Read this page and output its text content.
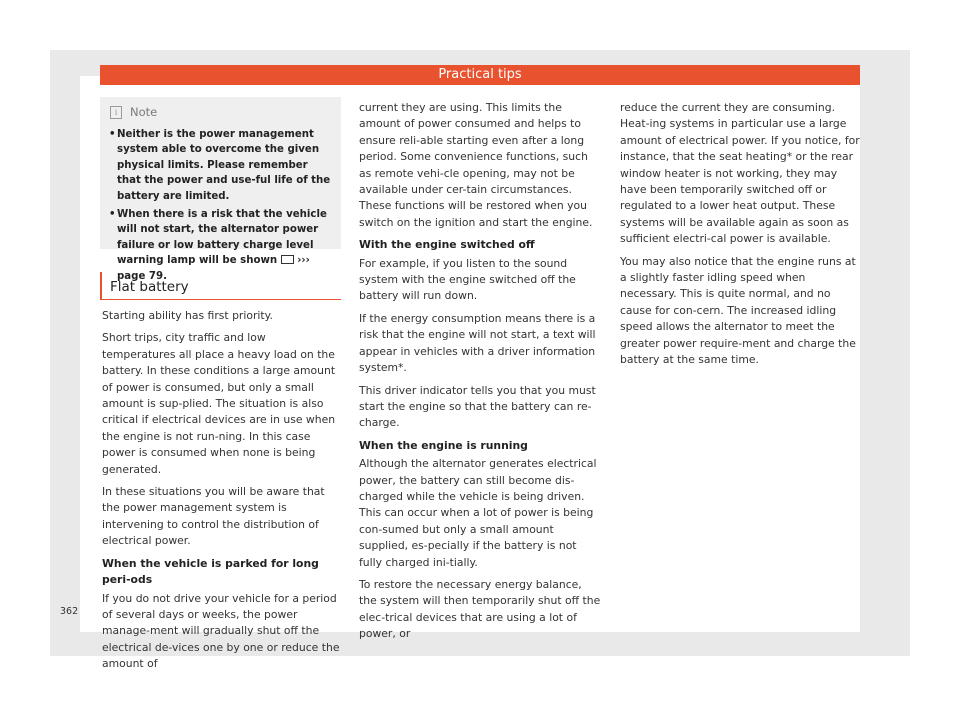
Practical tips
i	Note
• Neither is the power management system able to overcome the given physical limits. Please remember that the power and use-ful life of the battery are limited.
• When there is a risk that the vehicle will not start, the alternator power failure or low battery charge level warning lamp will be shown ››› page 79.
Flat battery

Starting ability has first priority.

Short trips, city traffic and low temperatures all place a heavy load on the battery. In these conditions a large amount of power is consumed, but only a small amount is sup-plied. The situation is also critical if electrical devices are in use when the engine is not run-ning. In this case power is consumed when none is being generated.

In these situations you will be aware that the power management system is intervening to control the distribution of electrical power.

When the vehicle is parked for long peri-ods

If you do not drive your vehicle for a period of several days or weeks, the power manage-ment will gradually shut off the electrical de-vices one by one or reduce the amount of

current they are using. This limits the amount of power consumed and helps to ensure reli-able starting even after a long period. Some convenience functions, such as remote vehi-cle opening, may not be available under cer-tain circumstances. These functions will be restored when you switch on the ignition and start the engine.

With the engine switched off

For example, if you listen to the sound system with the engine switched off the battery will run down.

If the energy consumption means there is a risk that the engine will not start, a text will appear in vehicles with a driver information system*.

This driver indicator tells you that you must start the engine so that the battery can re-charge.

When the engine is running

Although the alternator generates electrical power, the battery can still become dis-charged while the vehicle is being driven. This can occur when a lot of power is being con-sumed but only a small amount supplied, es-pecially if the battery is not fully charged ini-tially.

To restore the necessary energy balance, the system will then temporarily shut off the elec-trical devices that are using a lot of power, or

reduce the current they are consuming. Heat-ing systems in particular use a large amount of electrical power. If you notice, for instance, that the seat heating* or the rear window heater is not working, they may have been temporarily switched off or regulated to a lower heat output. These systems will be available again as soon as sufficient electri-cal power is available.

You may also notice that the engine runs at a slightly faster idling speed when necessary. This is quite normal, and no cause for con-cern. The increased idling speed allows the alternator to meet the greater power require-ment and charge the battery at the same time.

362
